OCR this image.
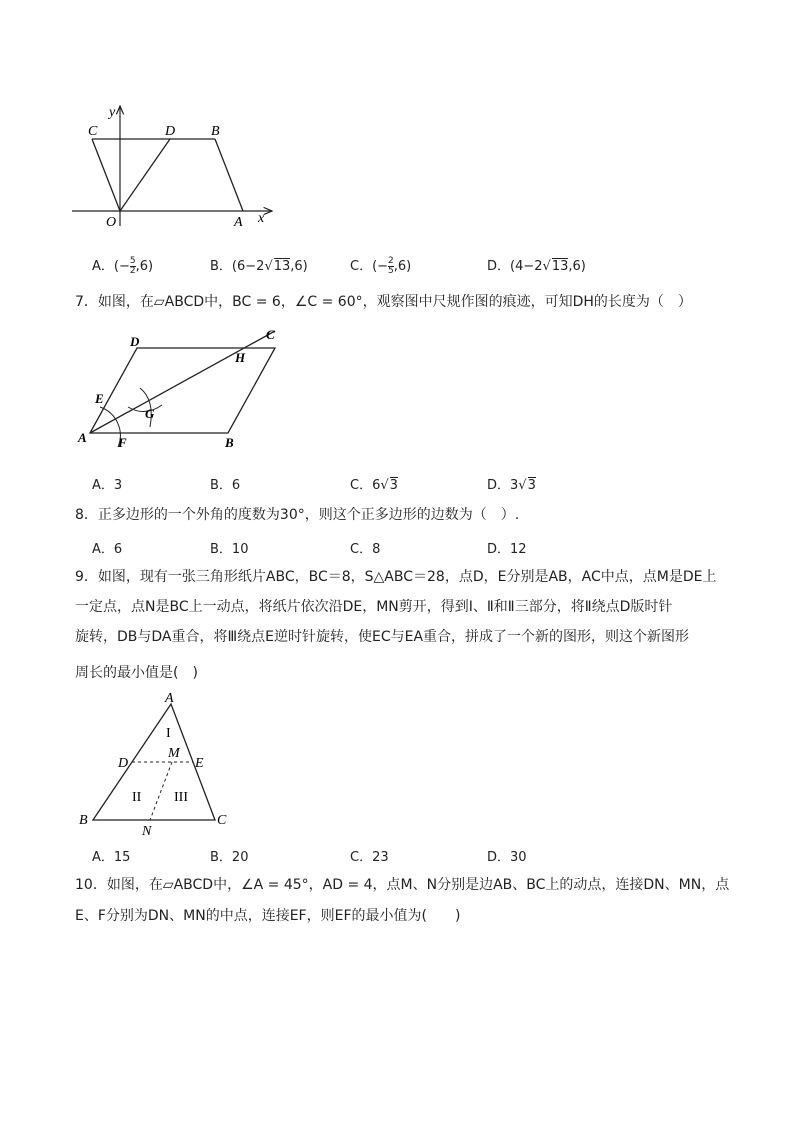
C	D	B
O	A x
y
A．(− $\frac{5}{2} ,6$)	B．(6−2√13,6)	C．(− $\frac{2}{5} ,6$)	D．(4−2√13,6)
7．如图，在▱ABCD中，BC = 6，∠C = 60°，观察图中尺规作图的痕迹，可知DH的长度为（　）
D	C
H
E
G
A F	B
A．3	B．6	C．6√3	D．3√3
8．正多边形的一个外角的度数为30°，则这个正多边形的边数为（　）.
A．6	B．10	C．8	D．12
9．如图，现有一张三角形纸片ABC，BC＝8，S△ABC＝28，点D，E分别是AB，AC中点，点M是DE上
一定点，点N是BC上一动点，将纸片依次沿DE，MN剪开，得到Ⅰ、Ⅱ和Ⅱ三部分，将Ⅱ绕点D版时针
旋转，DB与DA重合，将Ⅲ绕点E逆时针旋转，使EC与EA重合，拼成了一个新的图形，则这个新图形
周长的最小值是(　)
A
D	E
M
B	C
N
I
II III
A．15	B．20	C．23	D．30
10．如图，在▱ABCD中，∠A = 45°，AD = 4，点M、N分别是边AB、BC上的动点，连接DN、MN，点
E、F分别为DN、MN的中点，连接EF，则EF的最小值为(　　)
